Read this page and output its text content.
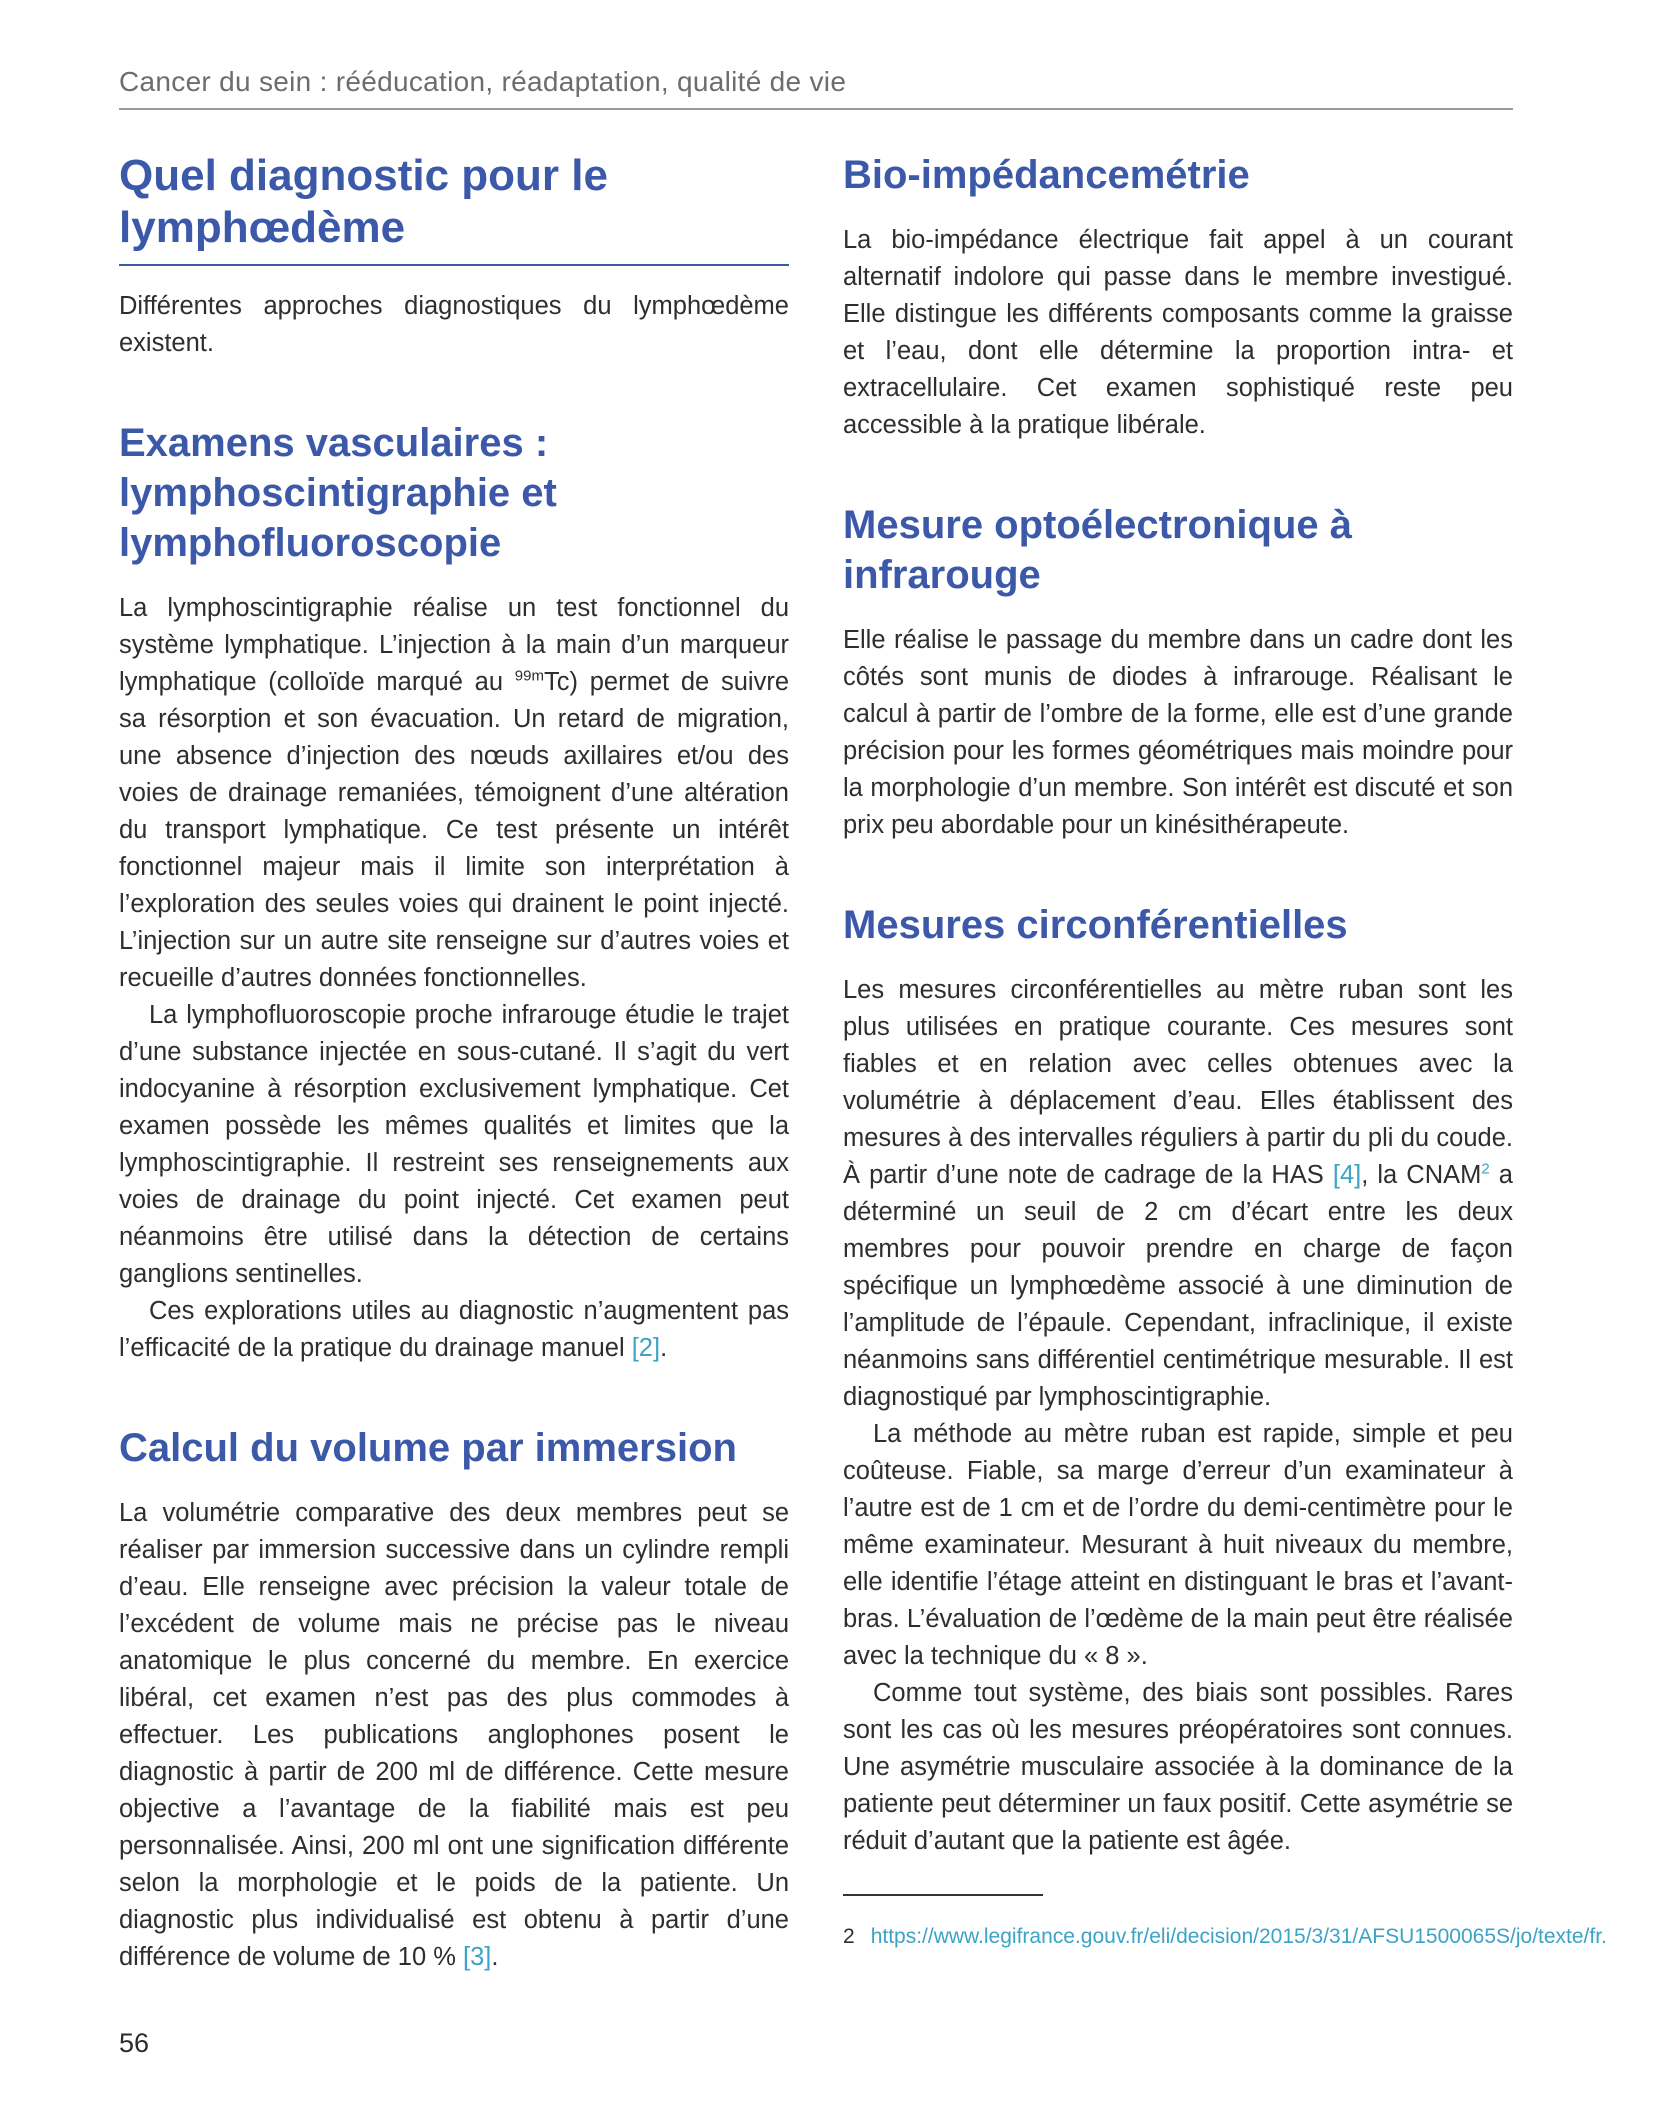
Cancer du sein : rééducation, réadaptation, qualité de vie
Quel diagnostic pour le lymphœdème

Différentes approches diagnostiques du lymphœdème existent.

Examens vasculaires : lymphoscintigraphie et lymphofluoroscopie

La lymphoscintigraphie réalise un test fonctionnel du système lymphatique. L’injection à la main d’un marqueur lymphatique (colloïde marqué au $^{99m}$Tc) permet de suivre sa résorption et son évacuation. Un retard de migration, une absence d’injection des nœuds axillaires et/ou des voies de drainage remaniées, témoignent d’une altération du transport lymphatique. Ce test présente un intérêt fonctionnel majeur mais il limite son interprétation à l’exploration des seules voies qui drainent le point injecté. L’injection sur un autre site renseigne sur d’autres voies et recueille d’autres données fonctionnelles.

La lymphofluoroscopie proche infrarouge étudie le trajet d’une substance injectée en sous-cutané. Il s’agit du vert indocyanine à résorption exclusivement lymphatique. Cet examen possède les mêmes qualités et limites que la lymphoscintigraphie. Il restreint ses renseignements aux voies de drainage du point injecté. Cet examen peut néanmoins être utilisé dans la détection de certains ganglions sentinelles.

Ces explorations utiles au diagnostic n’augmentent pas l’efficacité de la pratique du drainage manuel [2].

Calcul du volume par immersion

La volumétrie comparative des deux membres peut se réaliser par immersion successive dans un cylindre rempli d’eau. Elle renseigne avec précision la valeur totale de l’excédent de volume mais ne précise pas le niveau anatomique le plus concerné du membre. En exercice libéral, cet examen n’est pas des plus commodes à effectuer. Les publications anglophones posent le diagnostic à partir de 200 ml de différence. Cette mesure objective a l’avantage de la fiabilité mais est peu personnalisée. Ainsi, 200 ml ont une signification différente selon la morphologie et le poids de la patiente. Un diagnostic plus individualisé est obtenu à partir d’une différence de volume de 10 % [3].

Bio-impédancemétrie

La bio-impédance électrique fait appel à un courant alternatif indolore qui passe dans le membre investigué. Elle distingue les différents composants comme la graisse et l’eau, dont elle détermine la proportion intra- et extracellulaire. Cet examen sophistiqué reste peu accessible à la pratique libérale.

Mesure optoélectronique à infrarouge

Elle réalise le passage du membre dans un cadre dont les côtés sont munis de diodes à infrarouge. Réalisant le calcul à partir de l’ombre de la forme, elle est d’une grande précision pour les formes géométriques mais moindre pour la morphologie d’un membre. Son intérêt est discuté et son prix peu abordable pour un kinésithérapeute.

Mesures circonférentielles

Les mesures circonférentielles au mètre ruban sont les plus utilisées en pratique courante. Ces mesures sont fiables et en relation avec celles obtenues avec la volumétrie à déplacement d’eau. Elles établissent des mesures à des intervalles réguliers à partir du pli du coude. À partir d’une note de cadrage de la HAS [4], la CNAM$^2$ a déterminé un seuil de 2 cm d’écart entre les deux membres pour pouvoir prendre en charge de façon spécifique un lymphœdème associé à une diminution de l’amplitude de l’épaule. Cependant, infraclinique, il existe néanmoins sans différentiel centimétrique mesurable. Il est diagnostiqué par lymphoscintigraphie.

La méthode au mètre ruban est rapide, simple et peu coûteuse. Fiable, sa marge d’erreur d’un examinateur à l’autre est de 1 cm et de l’ordre du demi-centimètre pour le même examinateur. Mesurant à huit niveaux du membre, elle identifie l’étage atteint en distinguant le bras et l’avant-bras. L’évaluation de l’œdème de la main peut être réalisée avec la technique du « 8 ».

Comme tout système, des biais sont possibles. Rares sont les cas où les mesures préopératoires sont connues. Une asymétrie musculaire associée à la dominance de la patiente peut déterminer un faux positif. Cette asymétrie se réduit d’autant que la patiente est âgée.

2 https://www.legifrance.gouv.fr/eli/decision/2015/3/31/AFSU1500065S/jo/texte/fr.
56
